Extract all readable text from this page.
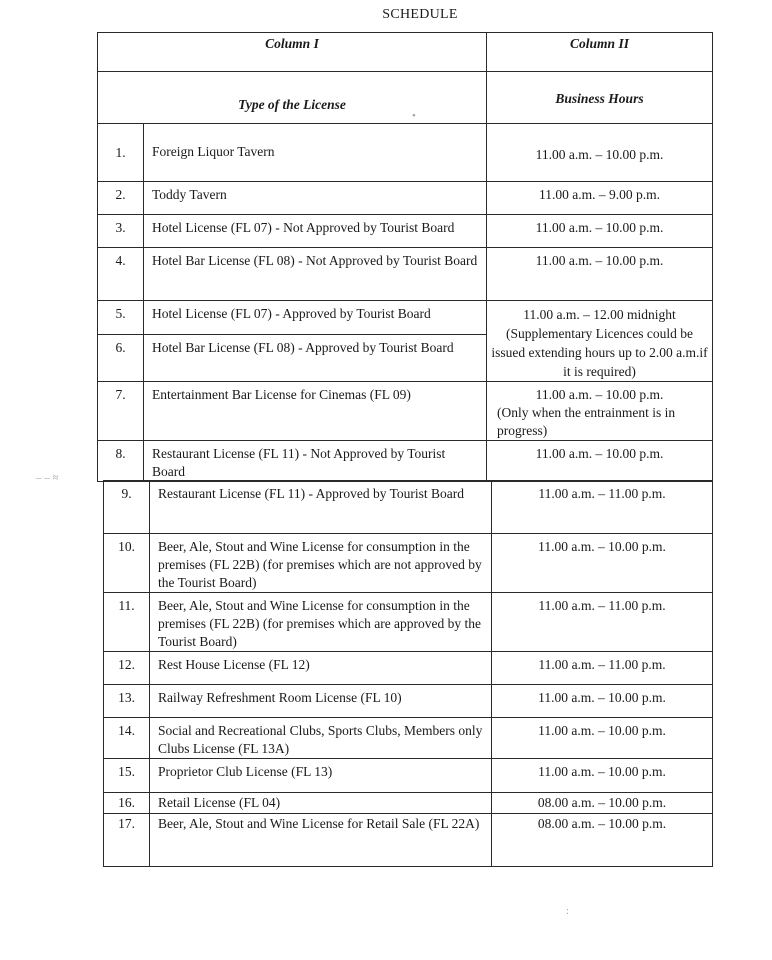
SCHEDULE
Column I		Column II

Type of the License		Business Hours

1.	Foreign Liquor Tavern	11.00 a.m. – 10.00 p.m.
2.	Toddy Tavern	11.00 a.m. – 9.00 p.m.
3.	Hotel License (FL 07) - Not Approved by Tourist Board	11.00 a.m. – 10.00 p.m.
4.	Hotel Bar License (FL 08) - Not Approved by Tourist Board	11.00 a.m. – 10.00 p.m.
5.	Hotel License (FL 07) - Approved by Tourist Board	11.00 a.m. – 12.00 midnight
(Supplementary Licences could be issued extending hours up to 2.00 a.m.if it is required)

6.	Hotel Bar License (FL 08) - Approved by Tourist Board	
7.	Entertainment Bar License for Cinemas (FL 09)	11.00 a.m. – 10.00 p.m.
(Only when the entrainment is in progress)

8.	Restaurant License (FL 11) - Not Approved by Tourist Board	11.00 a.m. – 10.00 p.m.
9.	Restaurant License (FL 11) - Approved by Tourist Board	11.00 a.m. – 11.00 p.m.
10.	Beer, Ale, Stout and Wine License for consumption in the premises (FL 22B) (for premises which are not approved by the Tourist Board)	11.00 a.m. – 10.00 p.m.
11.	Beer, Ale, Stout and Wine License for consumption in the premises (FL 22B) (for premises which are approved by the Tourist Board)	11.00 a.m. – 11.00 p.m.
12.	Rest House License (FL 12)	11.00 a.m. – 11.00 p.m.
13.	Railway Refreshment Room License (FL 10)	11.00 a.m. – 10.00 p.m.
14.	Social and Recreational Clubs, Sports Clubs, Members only Clubs License (FL 13A)	11.00 a.m. – 10.00 p.m.
15.	Proprietor Club License (FL 13)	11.00 a.m. – 10.00 p.m.
16.	Retail License (FL 04)	08.00 a.m. – 10.00 p.m.
17.	Beer, Ale, Stout and Wine License for Retail Sale (FL 22A)	08.00 a.m. – 10.00 p.m.
– – ≈
•
:
